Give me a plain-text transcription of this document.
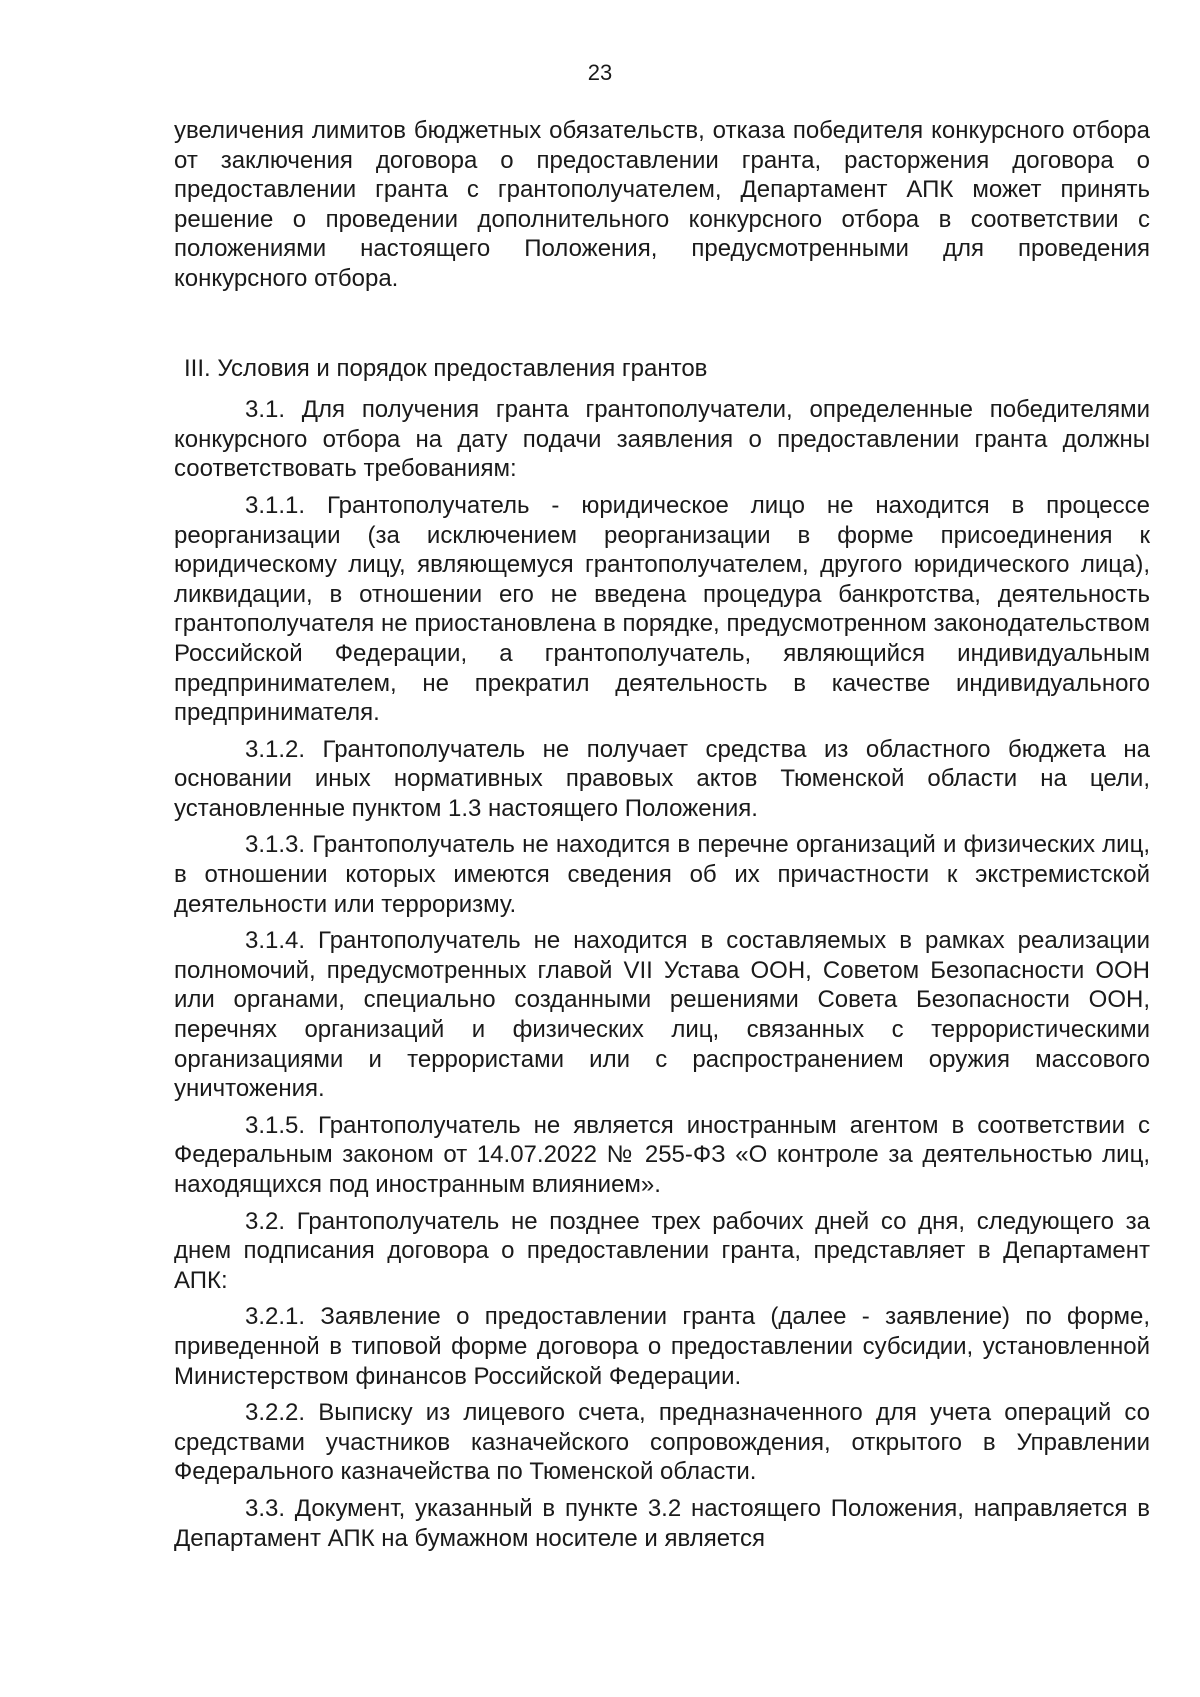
23

увеличения лимитов бюджетных обязательств, отказа победителя конкурсного отбора от заключения договора о предоставлении гранта, расторжения договора о предоставлении гранта с грантополучателем, Департамент АПК может принять решение о проведении дополнительного конкурсного отбора в соответствии с положениями настоящего Положения, предусмотренными для проведения конкурсного отбора.

III. Условия и порядок предоставления грантов

3.1. Для получения гранта грантополучатели, определенные победителями конкурсного отбора на дату подачи заявления о предоставлении гранта должны соответствовать требованиям:

3.1.1. Грантополучатель - юридическое лицо не находится в процессе реорганизации (за исключением реорганизации в форме присоединения к юридическому лицу, являющемуся грантополучателем, другого юридического лица), ликвидации, в отношении его не введена процедура банкротства, деятельность грантополучателя не приостановлена в порядке, предусмотренном законодательством Российской Федерации, а грантополучатель, являющийся индивидуальным предпринимателем, не прекратил деятельность в качестве индивидуального предпринимателя.

3.1.2. Грантополучатель не получает средства из областного бюджета на основании иных нормативных правовых актов Тюменской области на цели, установленные пунктом 1.3 настоящего Положения.

3.1.3. Грантополучатель не находится в перечне организаций и физических лиц, в отношении которых имеются сведения об их причастности к экстремистской деятельности или терроризму.

3.1.4. Грантополучатель не находится в составляемых в рамках реализации полномочий, предусмотренных главой VII Устава ООН, Советом Безопасности ООН или органами, специально созданными решениями Совета Безопасности ООН, перечнях организаций и физических лиц, связанных с террористическими организациями и террористами или с распространением оружия массового уничтожения.

3.1.5. Грантополучатель не является иностранным агентом в соответствии с Федеральным законом от 14.07.2022 № 255-ФЗ «О контроле за деятельностью лиц, находящихся под иностранным влиянием».

3.2. Грантополучатель не позднее трех рабочих дней со дня, следующего за днем подписания договора о предоставлении гранта, представляет в Департамент АПК:

3.2.1. Заявление о предоставлении гранта (далее - заявление) по форме, приведенной в типовой форме договора о предоставлении субсидии, установленной Министерством финансов Российской Федерации.

3.2.2. Выписку из лицевого счета, предназначенного для учета операций со средствами участников казначейского сопровождения, открытого в Управлении Федерального казначейства по Тюменской области.

3.3. Документ, указанный в пункте 3.2 настоящего Положения, направляется в Департамент АПК на бумажном носителе и является
